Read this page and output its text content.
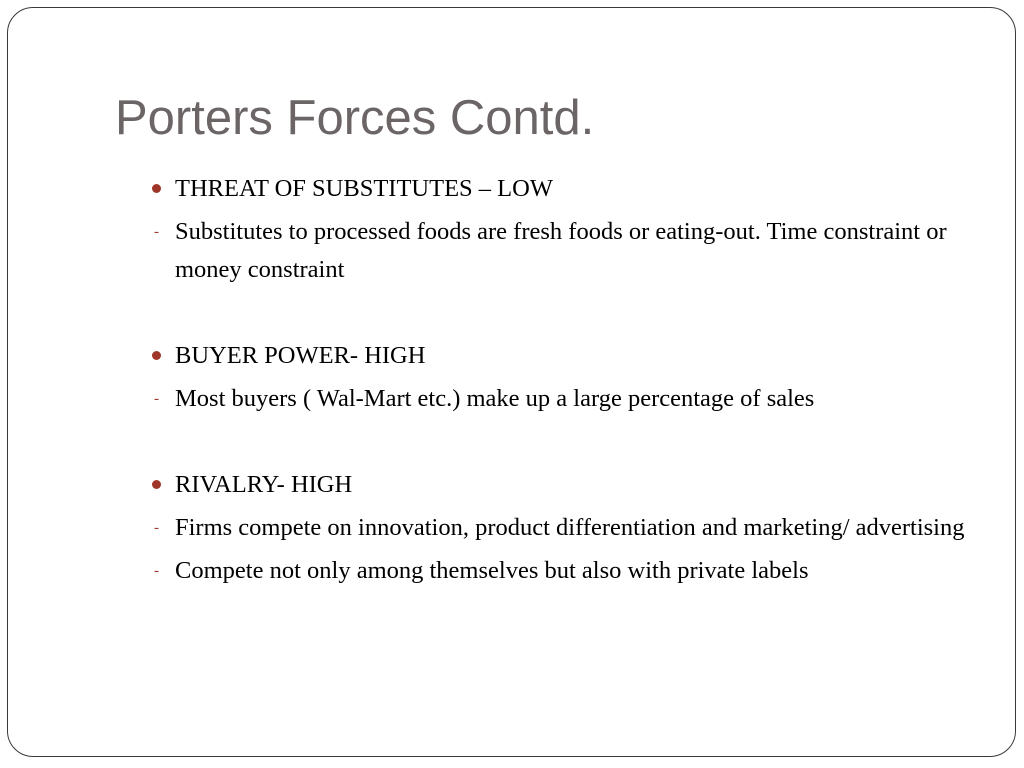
Porters Forces Contd.
THREAT OF SUBSTITUTES – LOW
- Substitutes to processed foods are fresh foods or eating-out. Time constraint or money constraint
BUYER POWER- HIGH
- Most buyers ( Wal-Mart etc.) make up a large percentage of sales
RIVALRY- HIGH
- Firms compete on innovation, product differentiation and marketing/ advertising
- Compete not only among themselves but also with private labels
